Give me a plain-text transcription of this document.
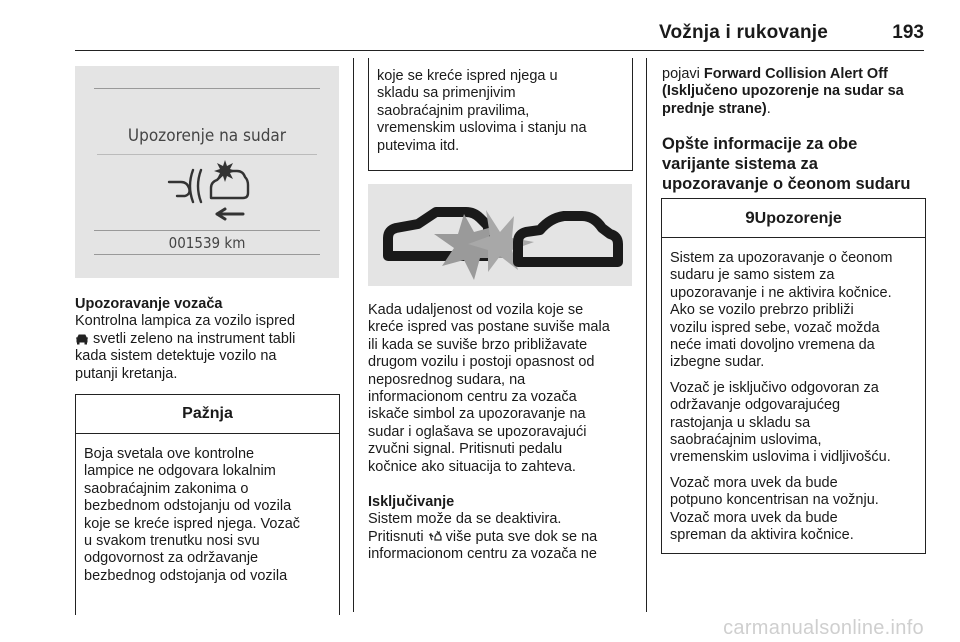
Vožnja i rukovanje	193
Upozorenje na sudar
001539 km

Upozoravanje vozača

Kontrolna lampica za vozilo ispred

svetli zeleno na instrument tabli

kada sistem detektuje vozilo na

putanji kretanja.

Pažnja
Boja svetala ove kontrolne
lampice ne odgovara lokalnim
saobraćajnim zakonima o
bezbednom odstojanju od vozila
koje se kreće ispred njega. Vozač
u svakom trenutku nosi svu
odgovornost za održavanje
bezbednog odstojanja od vozila
koje se kreće ispred njega u
skladu sa primenjivim
saobraćajnim pravilima,
vremenskim uslovima i stanju na
putevima itd.

Kada udaljenost od vozila koje se

kreće ispred vas postane suviše mala

ili kada se suviše brzo približavate

drugom vozilu i postoji opasnost od

neposrednog sudara, na

informacionom centru za vozača

iskače simbol za upozoravanje na

sudar i oglašava se upozoravajući

zvučni signal. Pritisnuti pedalu

kočnice ako situacija to zahteva.

Isključivanje

Sistem može da se deaktivira.

Pritisnuti više puta sve dok se na

informacionom centru za vozača ne

pojavi Forward Collision Alert Off

(Isključeno upozorenje na sudar sa

prednje strane).

Opšte informacije za obe
varijante sistema za
upozoravanje o čeonom sudaru
9Upozorenje
Sistem za upozoravanje o čeonom
sudaru je samo sistem za
upozoravanje i ne aktivira kočnice.
Ako se vozilo prebrzo približi
vozilu ispred sebe, vozač možda
neće imati dovoljno vremena da
izbegne sudar.
Vozač je isključivo odgovoran za
održavanje odgovarajućeg
rastojanja u skladu sa
saobraćajnim uslovima,
vremenskim uslovima i vidljivošću.
Vozač mora uvek da bude
potpuno koncentrisan na vožnju.
Vozač mora uvek da bude
spreman da aktivira kočnice.
carmanualsonline.info
